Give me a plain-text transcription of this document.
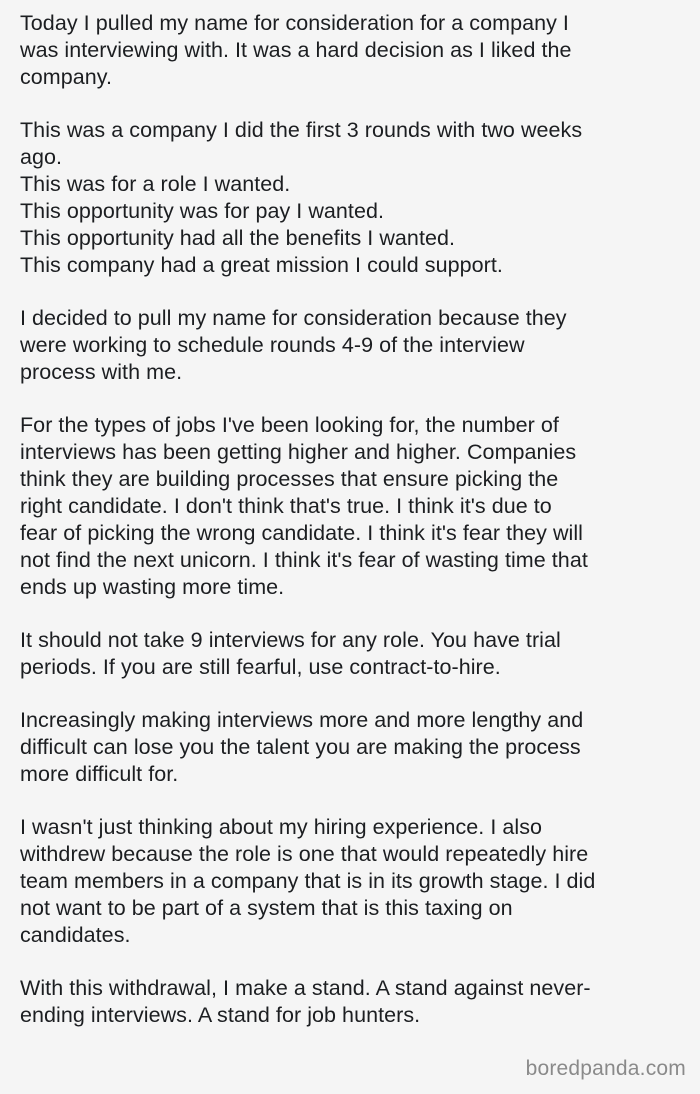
Today I pulled my name for consideration for a company I
was interviewing with. It was a hard decision as I liked the
company.

This was a company I did the first 3 rounds with two weeks
ago.
This was for a role I wanted.
This opportunity was for pay I wanted.
This opportunity had all the benefits I wanted.
This company had a great mission I could support.

I decided to pull my name for consideration because they
were working to schedule rounds 4-9 of the interview
process with me.

For the types of jobs I've been looking for, the number of
interviews has been getting higher and higher. Companies
think they are building processes that ensure picking the
right candidate. I don't think that's true. I think it's due to
fear of picking the wrong candidate. I think it's fear they will
not find the next unicorn. I think it's fear of wasting time that
ends up wasting more time.

It should not take 9 interviews for any role. You have trial
periods. If you are still fearful, use contract-to-hire.

Increasingly making interviews more and more lengthy and
difficult can lose you the talent you are making the process
more difficult for.

I wasn't just thinking about my hiring experience. I also
withdrew because the role is one that would repeatedly hire
team members in a company that is in its growth stage. I did
not want to be part of a system that is this taxing on
candidates.

With this withdrawal, I make a stand. A stand against never-
ending interviews. A stand for job hunters.

boredpanda.com
